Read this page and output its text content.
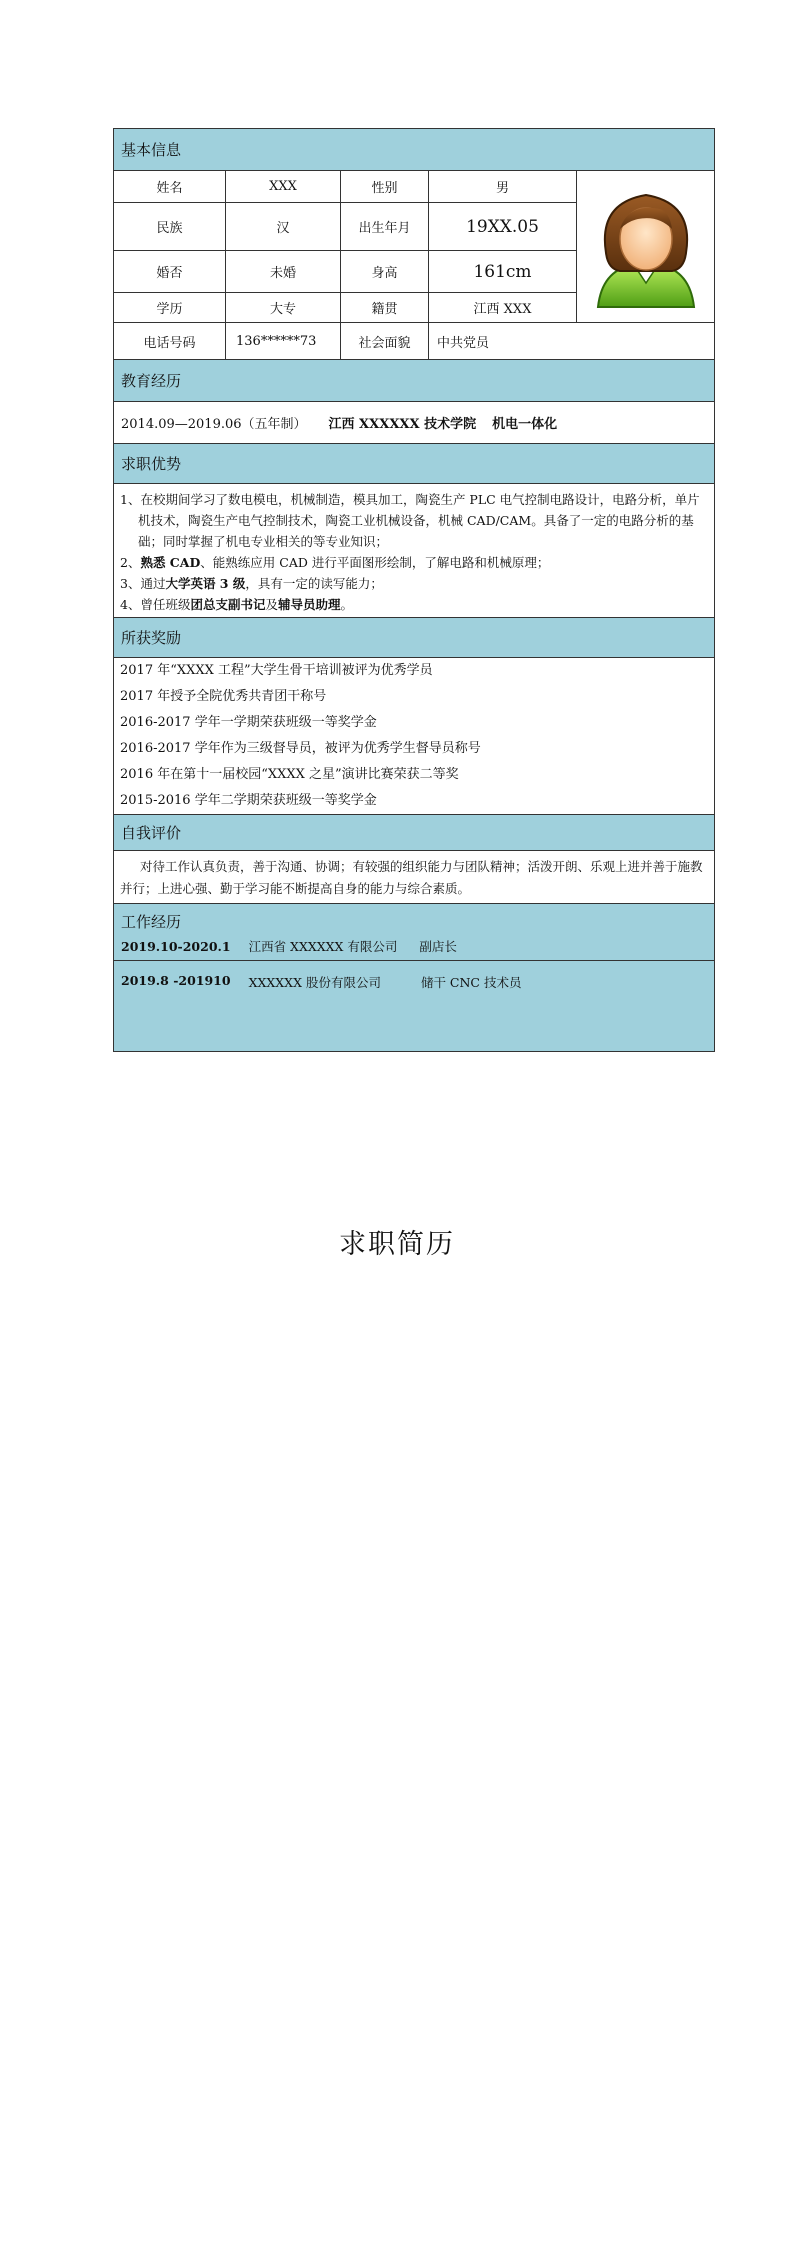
基本信息
姓名	XXX	性别	男
民族	汉	出生年月	19XX.05
婚否	未婚	身高	161cm
学历	大专	籍贯	江西 XXX
电话号码	136******73	社会面貌	中共党员
教育经历
2014.09—2019.06（五年制） 江西 XXXXXX 技术学院 机电一体化
求职优势

1、在校期间学习了数电模电，机械制造，模具加工，陶瓷生产 PLC 电气控制电路设计，电路分析，单片机技术，陶瓷生产电气控制技术，陶瓷工业机械设备，机械 CAD/CAM。具备了一定的电路分析的基础；同时掌握了机电专业相关的等专业知识；

2、熟悉 CAD、能熟练应用 CAD 进行平面图形绘制，了解电路和机械原理；

3、通过大学英语 3 级，具有一定的读写能力；

4、曾任班级团总支副书记及辅导员助理。

所获奖励
2017 年“XXXX 工程”大学生骨干培训被评为优秀学员
2017 年授予全院优秀共青团干称号
2016-2017 学年一学期荣获班级一等奖学金
2016-2017 学年作为三级督导员，被评为优秀学生督导员称号
2016 年在第十一届校园“XXXX 之星”演讲比赛荣获二等奖
2015-2016 学年二学期荣获班级一等奖学金
自我评价
对待工作认真负责，善于沟通、协调；有较强的组织能力与团队精神；活泼开朗、乐观上进并善于施教并行；上进心强、勤于学习能不断提高自身的能力与综合素质。
工作经历
2019.10-2020.1 江西省 XXXXXX 有限公司 副店长
2019.8 -201910 XXXXXX 股份有限公司	储干 CNC 技术员
求职简历
